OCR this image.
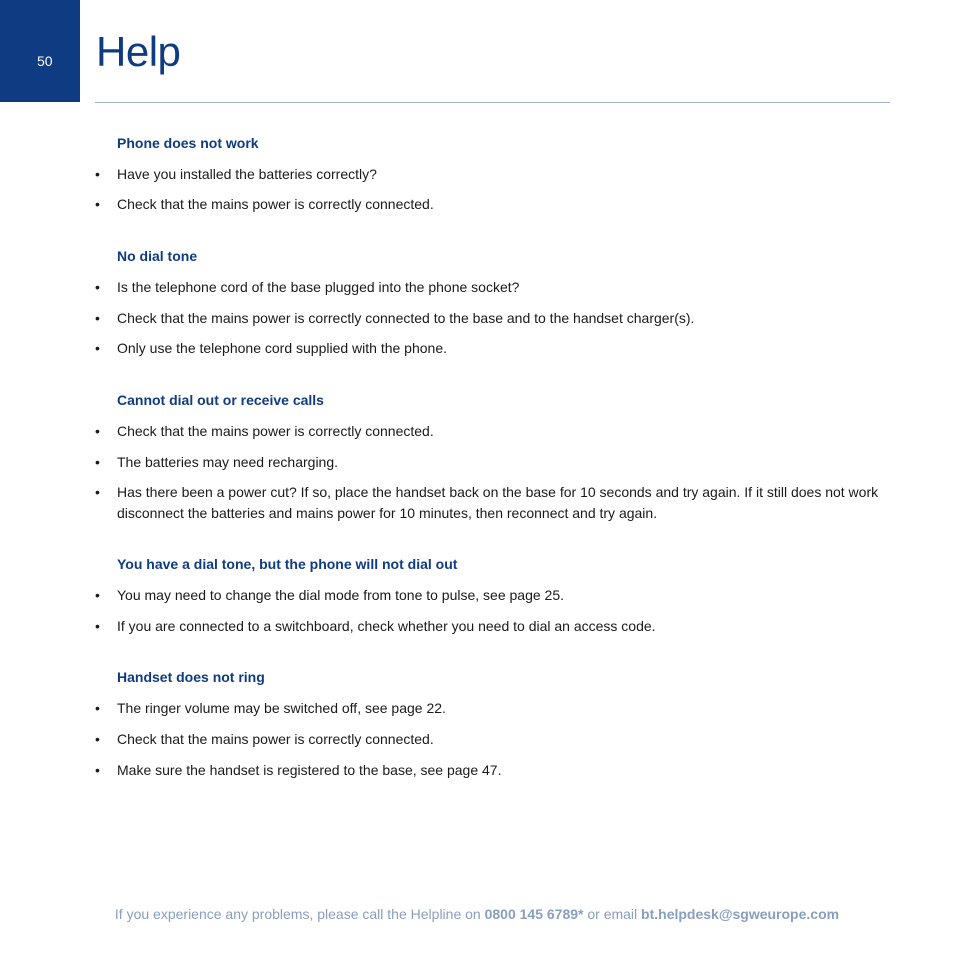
50 Help
Phone does not work
• Have you installed the batteries correctly?
• Check that the mains power is correctly connected.
No dial tone
• Is the telephone cord of the base plugged into the phone socket?
• Check that the mains power is correctly connected to the base and to the handset charger(s).
• Only use the telephone cord supplied with the phone.
Cannot dial out or receive calls
• Check that the mains power is correctly connected.
• The batteries may need recharging.
• Has there been a power cut? If so, place the handset back on the base for 10 seconds and try again. If it still does not work disconnect the batteries and mains power for 10 minutes, then reconnect and try again.
You have a dial tone, but the phone will not dial out
• You may need to change the dial mode from tone to pulse, see page 25.
• If you are connected to a switchboard, check whether you need to dial an access code.
Handset does not ring
• The ringer volume may be switched off, see page 22.
• Check that the mains power is correctly connected.
• Make sure the handset is registered to the base, see page 47.
If you experience any problems, please call the Helpline on 0800 145 6789* or email bt.helpdesk@sgweurope.com
